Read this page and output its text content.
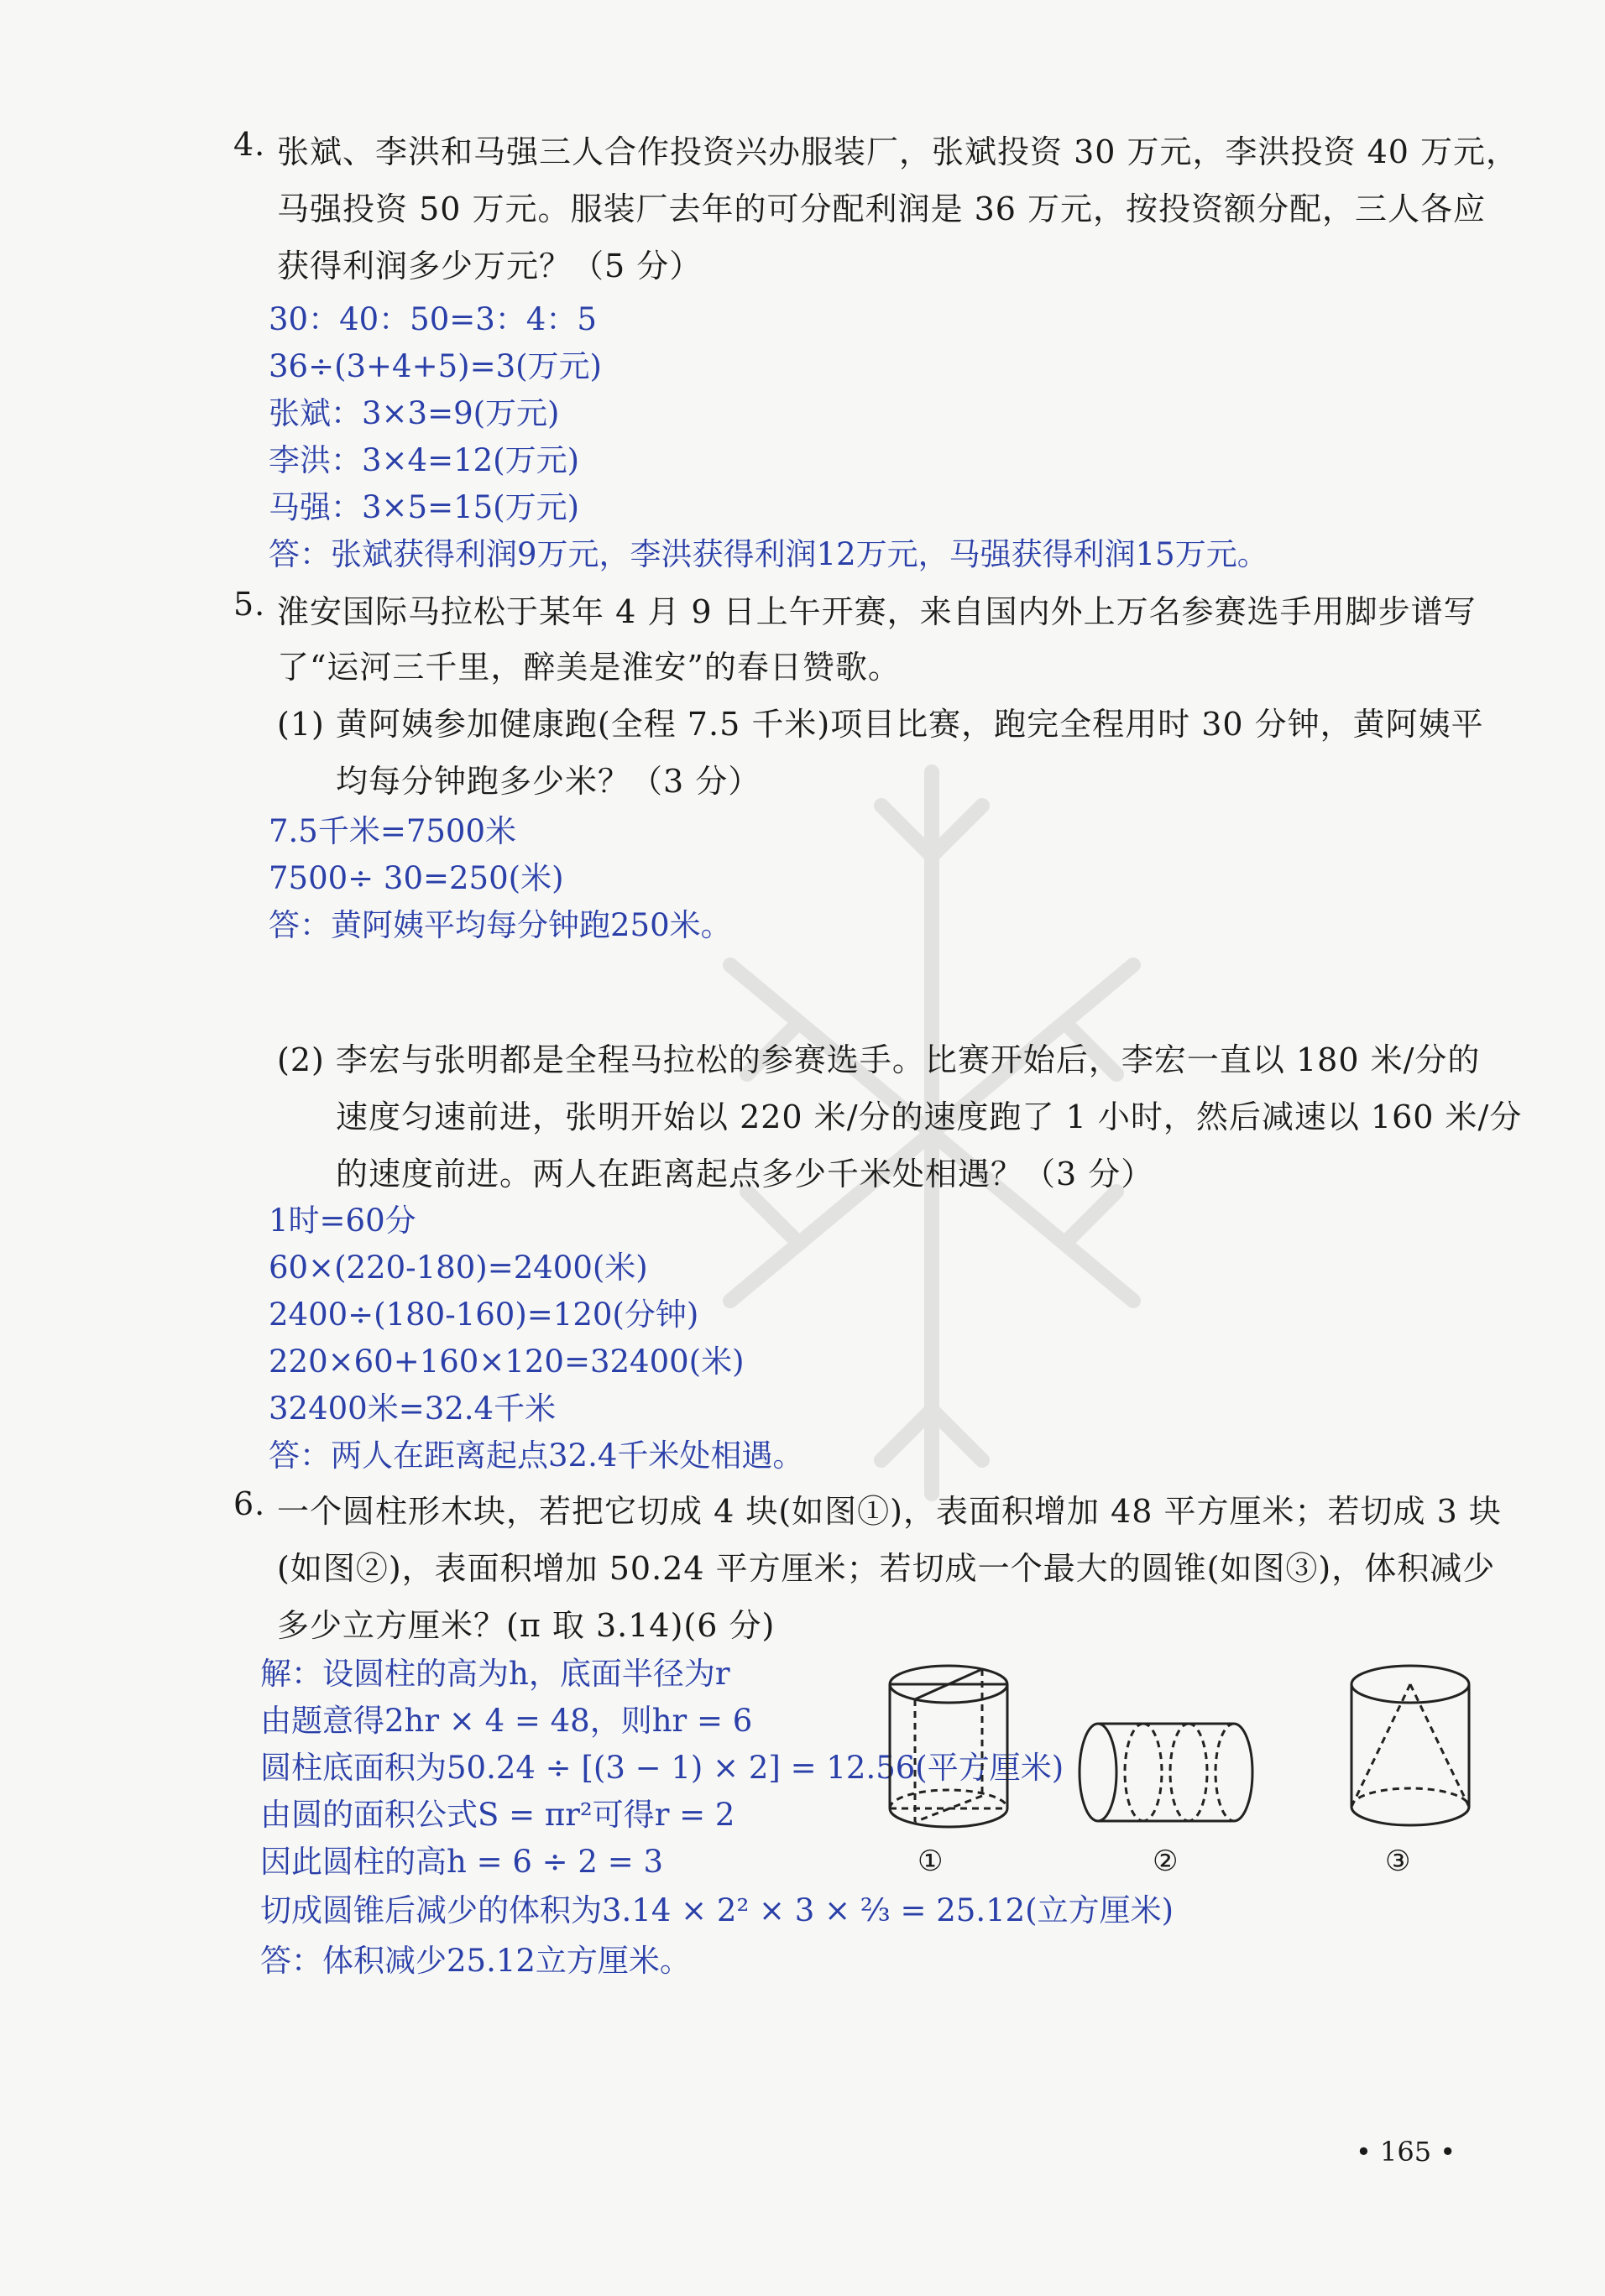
4. 张斌、李洪和马强三人合作投资兴办服装厂，张斌投资 30 万元，李洪投资 40 万元，
马强投资 50 万元。服装厂去年的可分配利润是 36 万元，按投资额分配，三人各应
获得利润多少万元？（5 分）
30：40：50=3：4：5
36÷(3+4+5)=3(万元)
张斌：3×3=9(万元)
李洪：3×4=12(万元)
马强：3×5=15(万元)
答：张斌获得利润9万元，李洪获得利润12万元，马强获得利润15万元。
5. 淮安国际马拉松于某年 4 月 9 日上午开赛，来自国内外上万名参赛选手用脚步谱写
了“运河三千里，醉美是淮安”的春日赞歌。
(1) 黄阿姨参加健康跑(全程 7.5 千米)项目比赛，跑完全程用时 30 分钟，黄阿姨平
均每分钟跑多少米？（3 分）
7.5千米=7500米
7500÷ 30=250(米)
答：黄阿姨平均每分钟跑250米。
(2) 李宏与张明都是全程马拉松的参赛选手。比赛开始后，李宏一直以 180 米/分的
速度匀速前进，张明开始以 220 米/分的速度跑了 1 小时，然后减速以 160 米/分
的速度前进。两人在距离起点多少千米处相遇？（3 分）
1时=60分
60×(220-180)=2400(米)
2400÷(180-160)=120(分钟)
220×60+160×120=32400(米)
32400米=32.4千米
答：两人在距离起点32.4千米处相遇。
6. 一个圆柱形木块，若把它切成 4 块(如图①)，表面积增加 48 平方厘米；若切成 3 块
(如图②)，表面积增加 50.24 平方厘米；若切成一个最大的圆锥(如图③)，体积减少
多少立方厘米？(π 取 3.14)(6 分)
解：设圆柱的高为h，底面半径为r
由题意得2hr × 4 = 48，则hr = 6
圆柱底面积为50.24 ÷ [(3 − 1) × 2] = 12.56(平方厘米)
由圆的面积公式S = πr²可得r = 2
因此圆柱的高h = 6 ÷ 2 = 3
切成圆锥后减少的体积为3.14 × 2² × 3 × ⅔ = 25.12(立方厘米)
答：体积减少25.12立方厘米。
①	②	③
• 165 •
